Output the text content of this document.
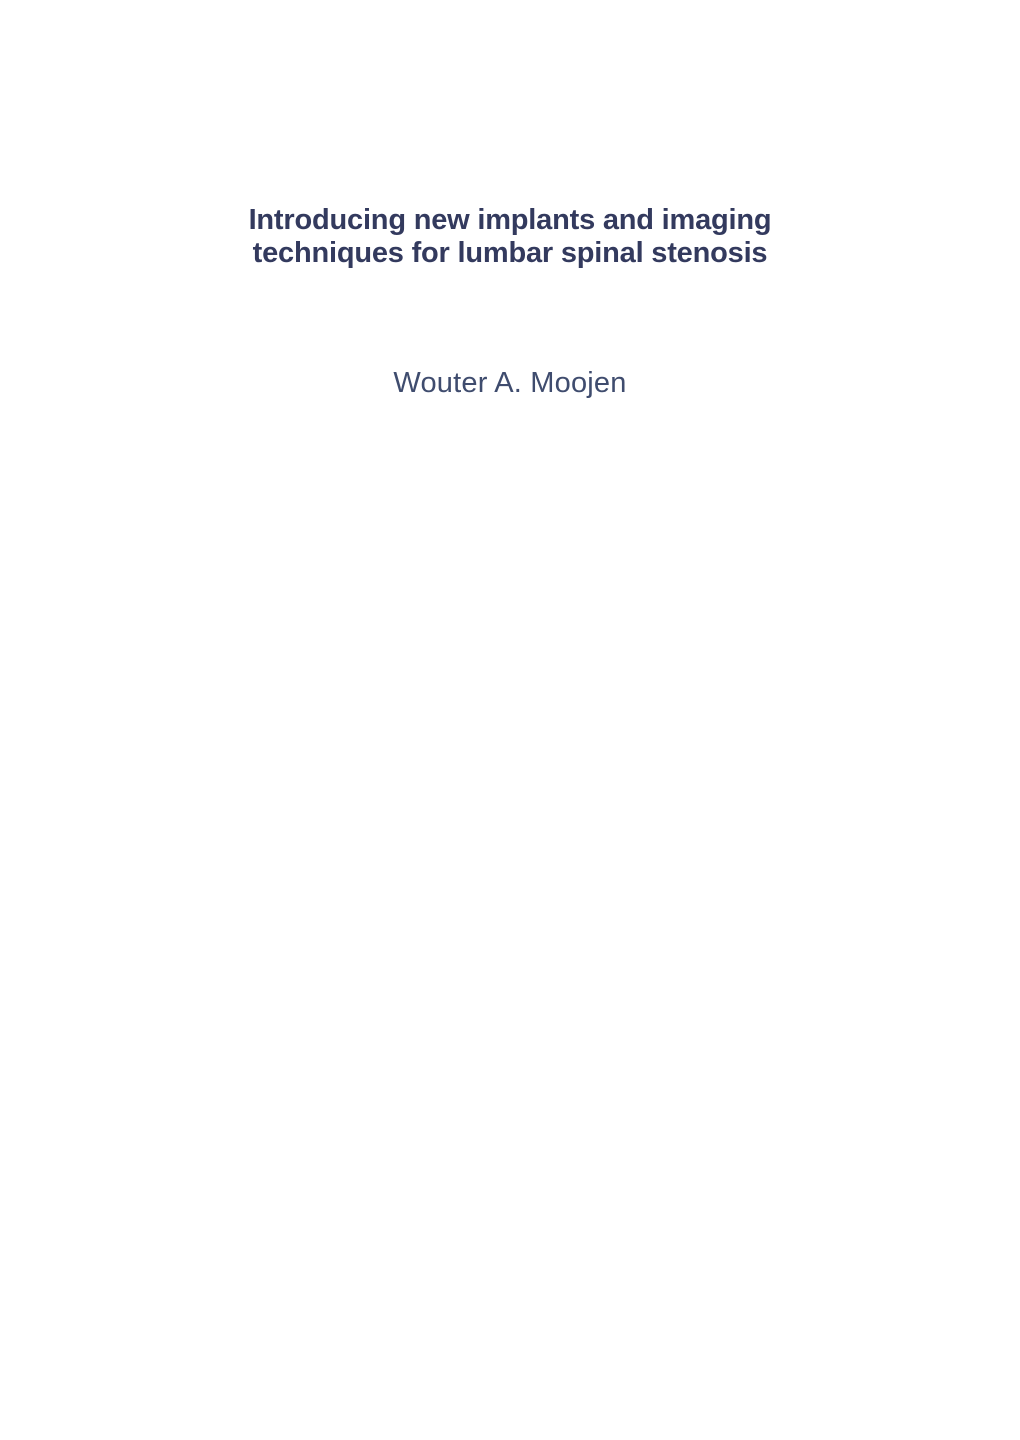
Introducing new implants and imaging
techniques for lumbar spinal stenosis
Wouter A. Moojen
